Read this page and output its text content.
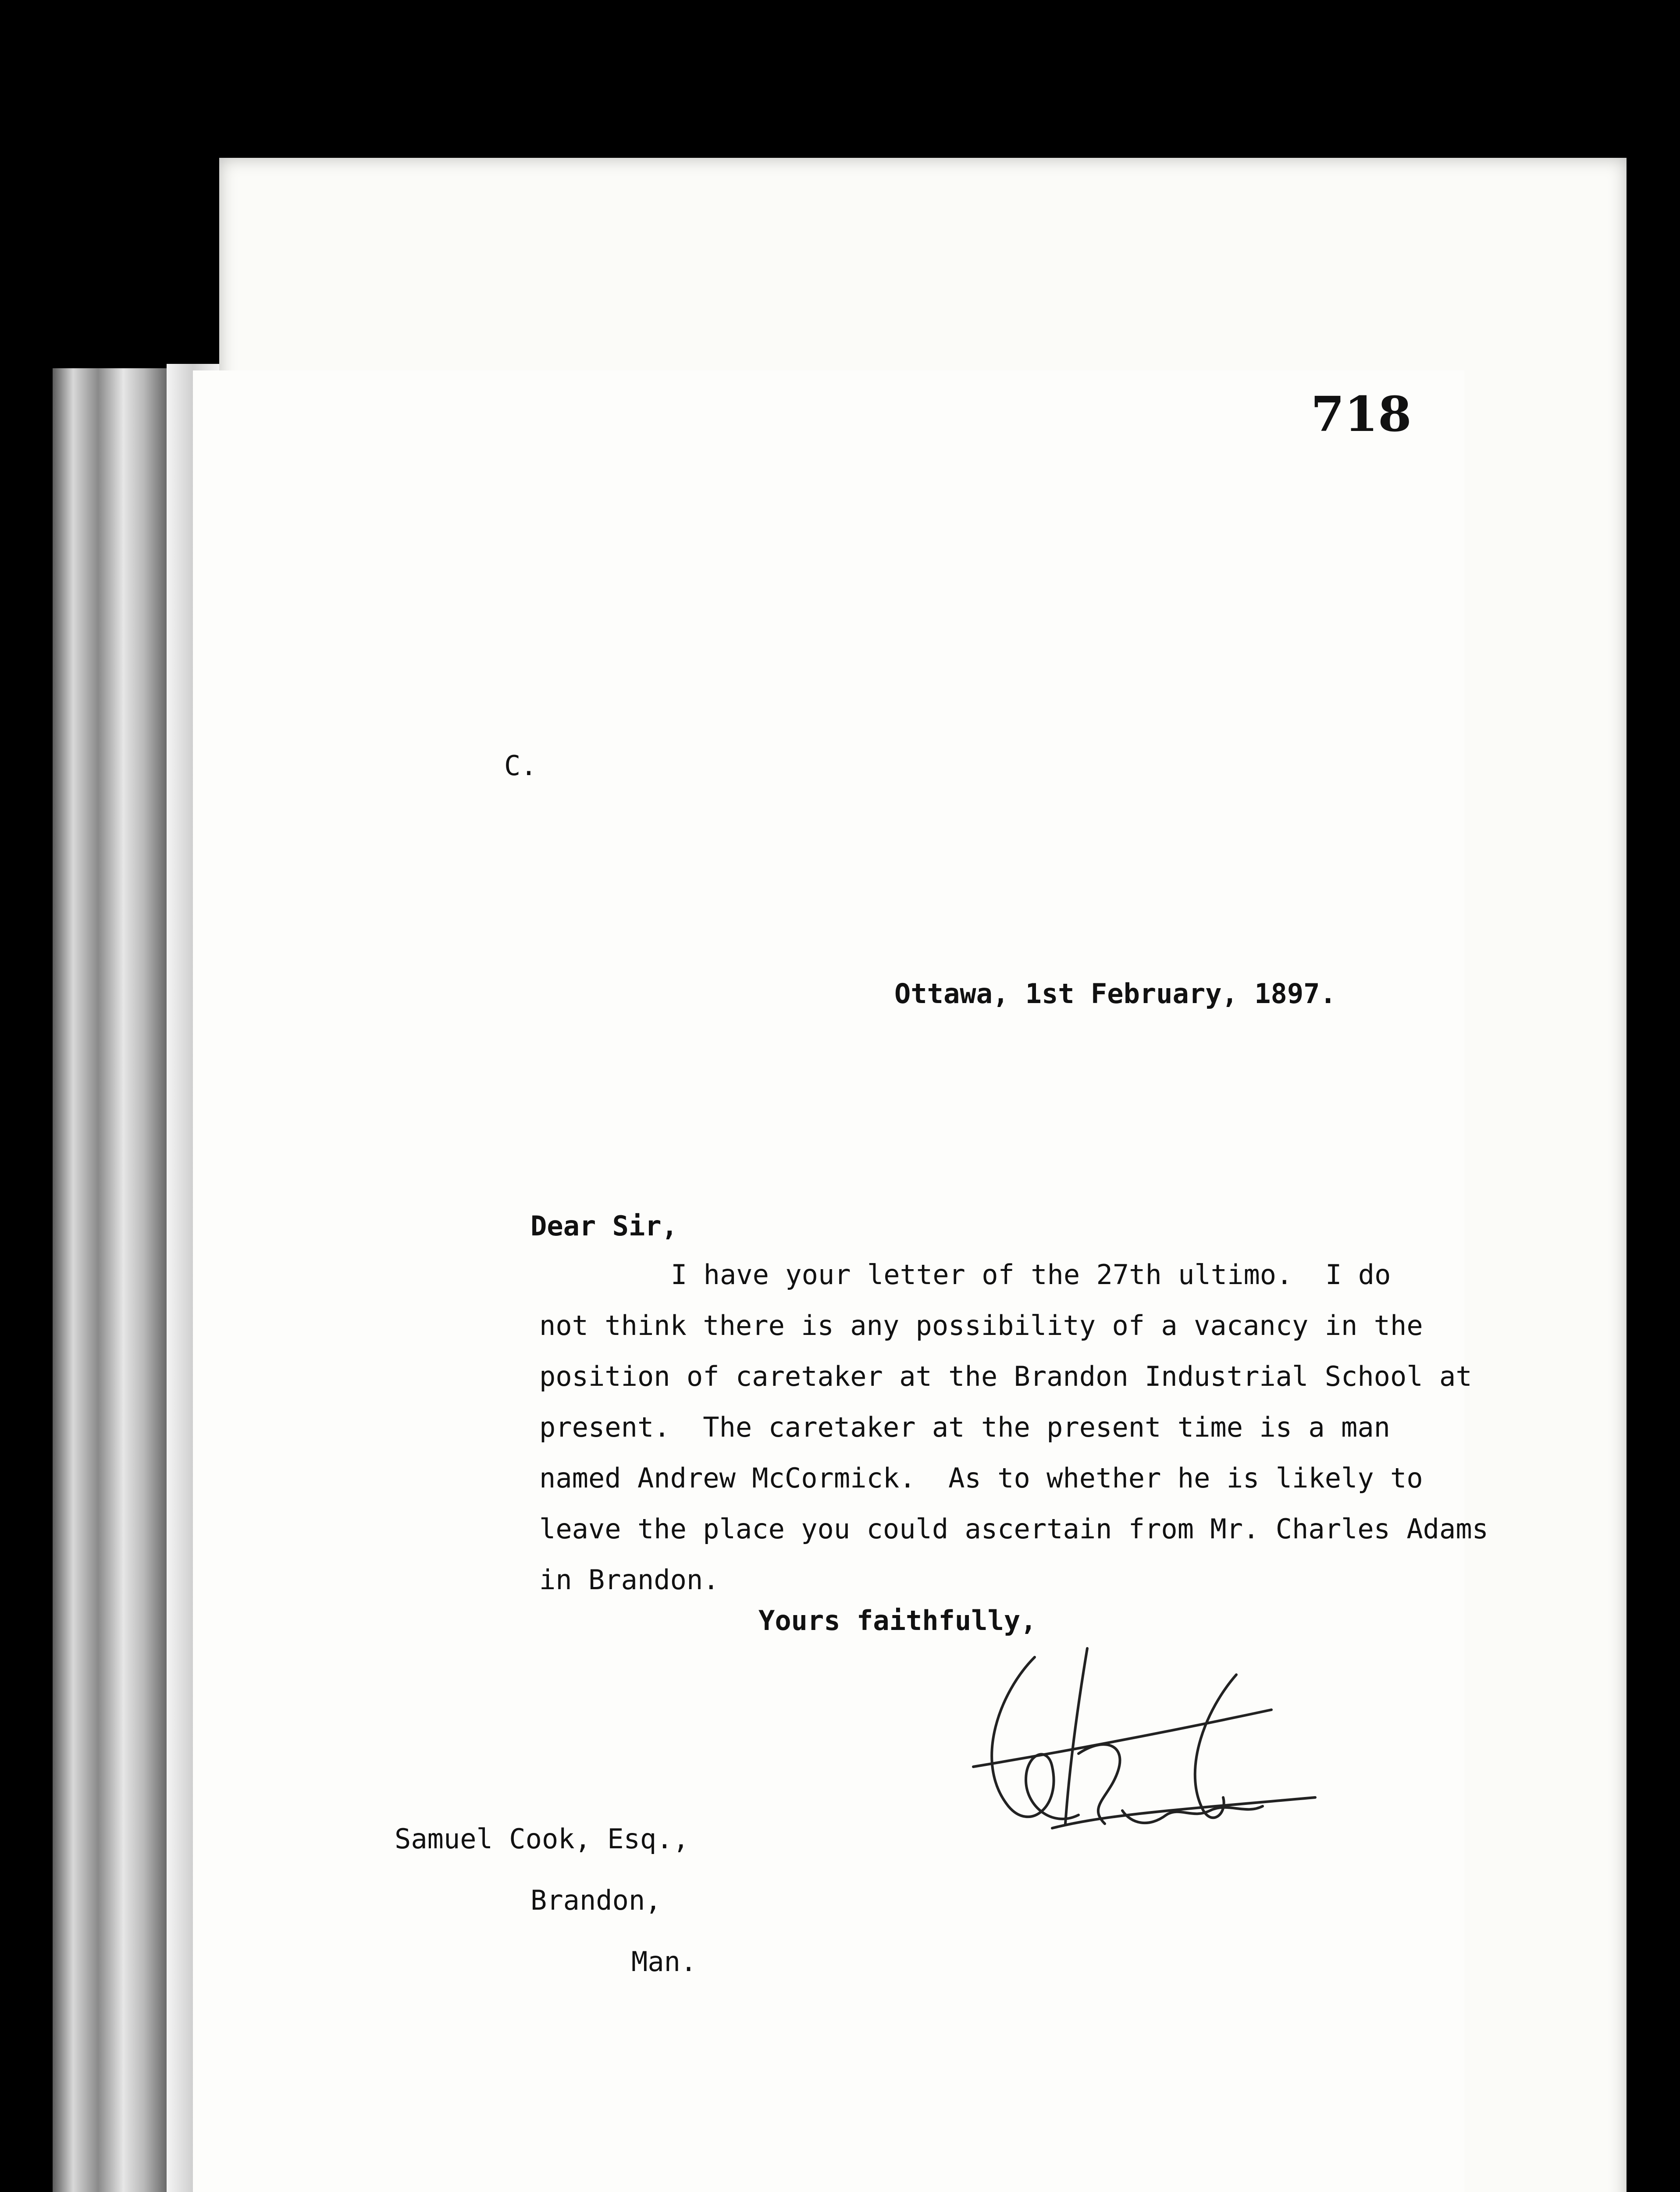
718
C.
Ottawa, 1st February, 1897.
Dear Sir,
I have your letter of the 27th ultimo.  I do
not think there is any possibility of a vacancy in the
position of caretaker at the Brandon Industrial School at
present.  The caretaker at the present time is a man
named Andrew McCormick.  As to whether he is likely to
leave the place you could ascertain from Mr. Charles Adams
in Brandon.
Yours faithfully,
Samuel Cook, Esq.,
Brandon,
Man.
